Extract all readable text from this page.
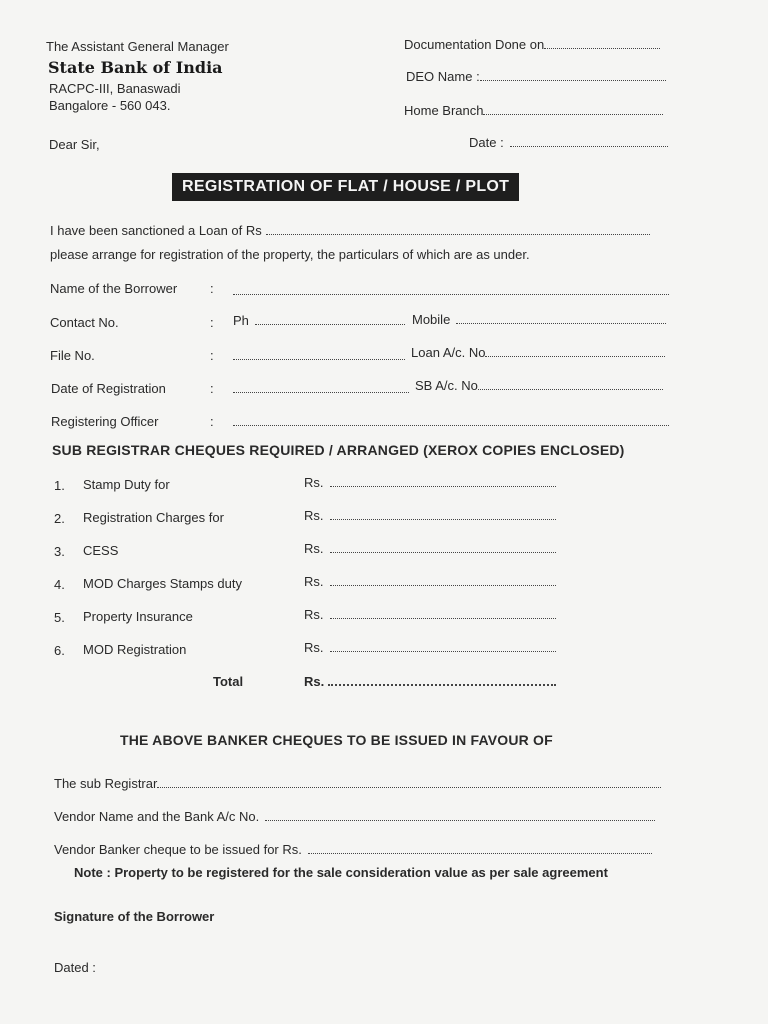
The Assistant General Manager
State Bank of India
RACPC-III, Banaswadi
Bangalore - 560 043.
Documentation Done on
DEO Name :
Home Branch
Date :
Dear Sir,
REGISTRATION OF FLAT / HOUSE / PLOT
I have been sanctioned a Loan of Rs
please arrange for registration of the property, the particulars of which are as under.
Name of the Borrower	:
Contact No.	: Ph	Mobile
File No.	:	Loan A/c. No
Date of Registration	:	SB A/c. No
Registering Officer	:
SUB REGISTRAR CHEQUES REQUIRED / ARRANGED (XEROX COPIES ENCLOSED)
1. Stamp Duty for	Rs.
2. Registration Charges for	Rs.
3. CESS	Rs.
4. MOD Charges Stamps duty	Rs.
5. Property Insurance	Rs.
6. MOD Registration	Rs.
Total	Rs.
THE ABOVE BANKER CHEQUES TO BE ISSUED IN FAVOUR OF
The sub Registrar
Vendor Name and the Bank A/c No.
Vendor Banker cheque to be issued for Rs.
Note : Property to be registered for the sale consideration value as per sale agreement
Signature of the Borrower
Dated :
